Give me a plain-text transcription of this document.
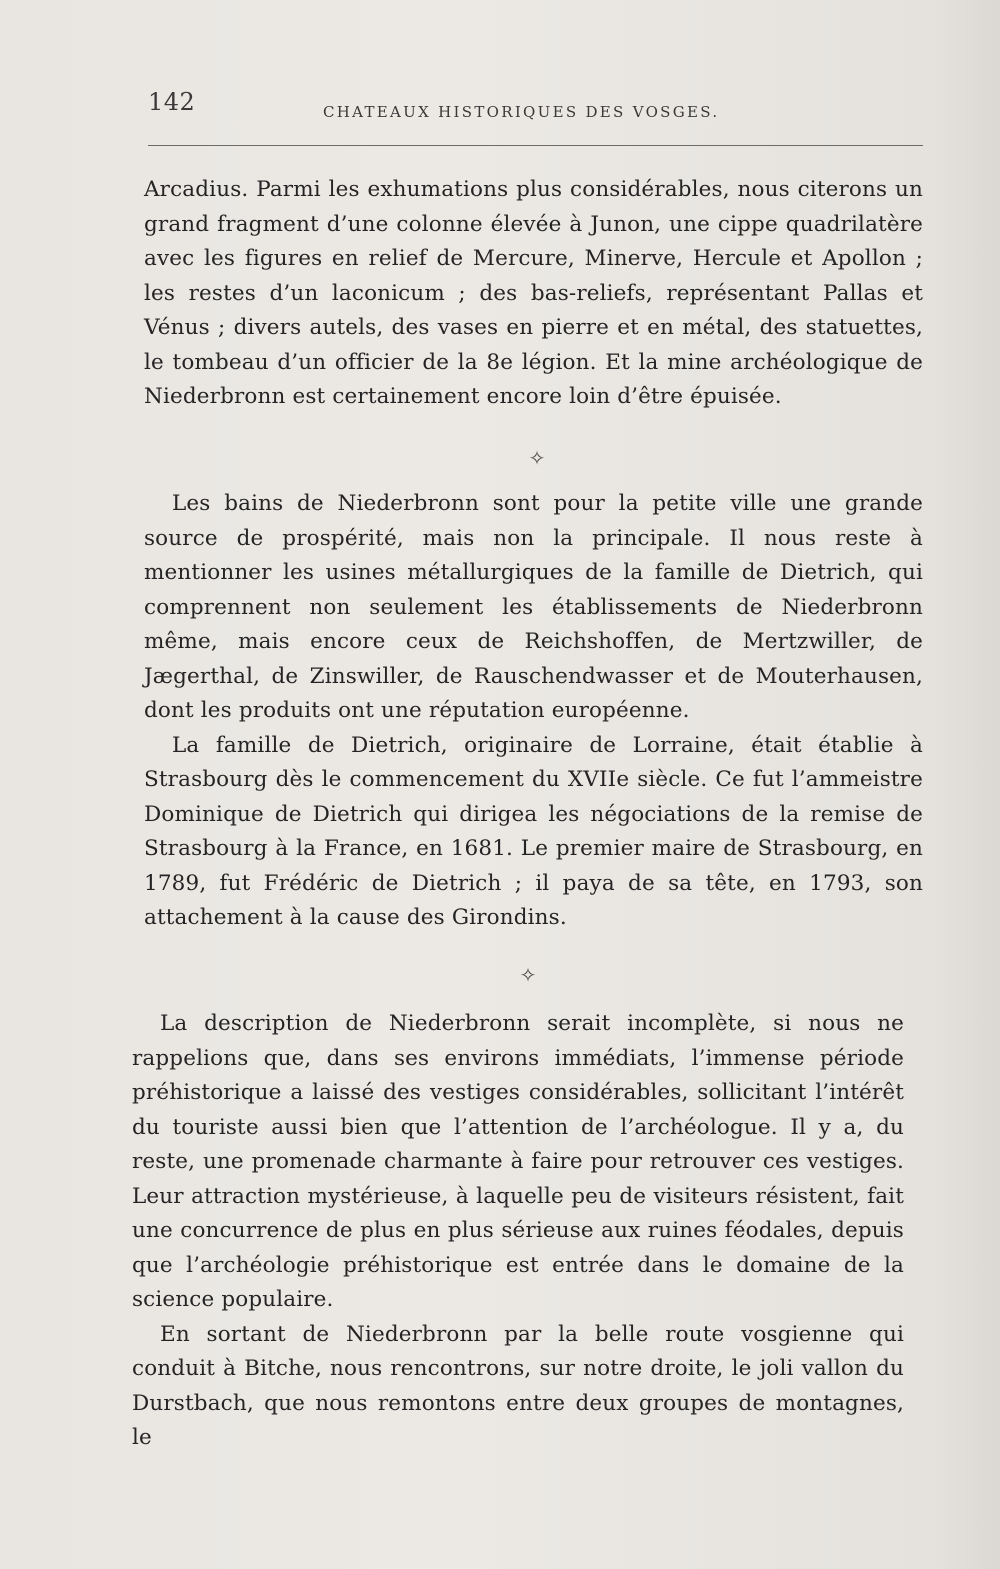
142	CHATEAUX HISTORIQUES DES VOSGES.

Arcadius. Parmi les exhumations plus considérables, nous citerons un grand fragment d’une colonne élevée à Junon, une cippe quadrilatère avec les figures en relief de Mercure, Minerve, Hercule et Apollon ; les restes d’un laconicum ; des bas-reliefs, représentant Pallas et Vénus ; divers autels, des vases en pierre et en métal, des statuettes, le tombeau d’un officier de la 8e légion. Et la mine archéologique de Niederbronn est certainement encore loin d’être épuisée.

✧

Les bains de Niederbronn sont pour la petite ville une grande source de prospérité, mais non la principale. Il nous reste à mentionner les usines métallurgiques de la famille de Dietrich, qui comprennent non seulement les établissements de Niederbronn même, mais encore ceux de Reichshoffen, de Mertzwiller, de Jægerthal, de Zinswiller, de Rauschendwasser et de Mouterhausen, dont les produits ont une réputation européenne.

La famille de Dietrich, originaire de Lorraine, était établie à Strasbourg dès le commencement du XVIIe siècle. Ce fut l’ammeistre Dominique de Dietrich qui dirigea les négociations de la remise de Strasbourg à la France, en 1681. Le premier maire de Strasbourg, en 1789, fut Frédéric de Dietrich ; il paya de sa tête, en 1793, son attachement à la cause des Girondins.

✧

La description de Niederbronn serait incomplète, si nous ne rappelions que, dans ses environs immédiats, l’immense période préhistorique a laissé des vestiges considérables, sollicitant l’intérêt du touriste aussi bien que l’attention de l’archéologue. Il y a, du reste, une promenade charmante à faire pour retrouver ces vestiges. Leur attraction mystérieuse, à laquelle peu de visiteurs résistent, fait une concurrence de plus en plus sérieuse aux ruines féodales, depuis que l’archéologie préhistorique est entrée dans le domaine de la science populaire.

En sortant de Niederbronn par la belle route vosgienne qui conduit à Bitche, nous rencontrons, sur notre droite, le joli vallon du Durstbach, que nous remontons entre deux groupes de montagnes, le
